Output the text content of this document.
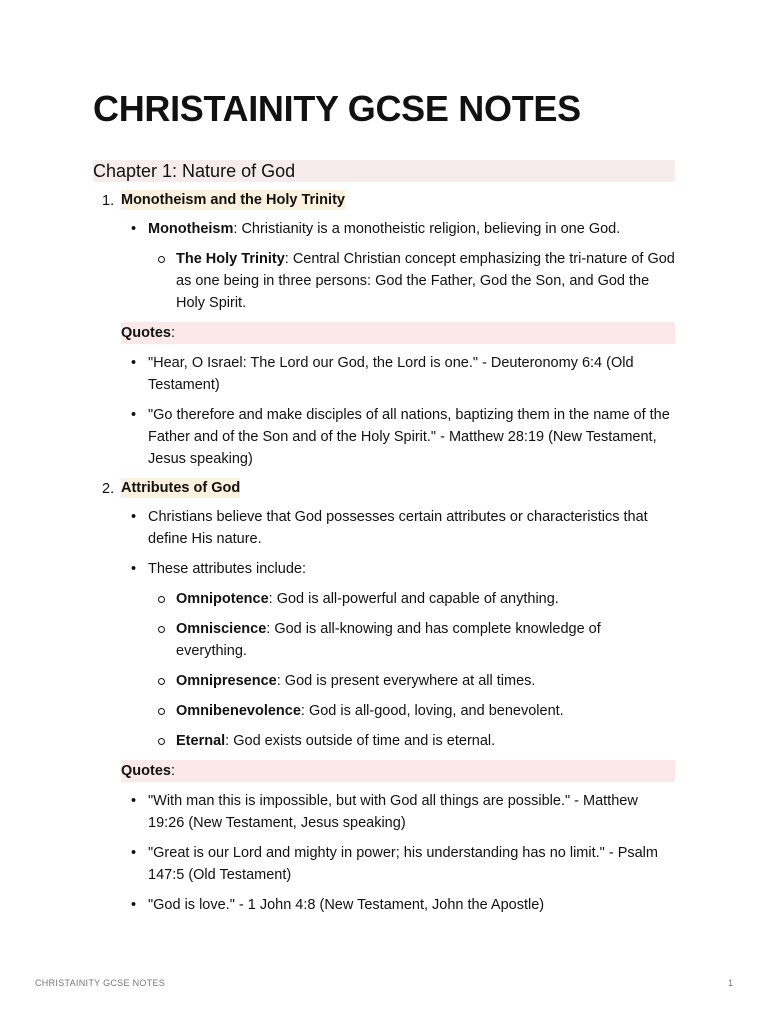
CHRISTAINITY GCSE NOTES
Chapter 1: Nature of God
1. Monotheism and the Holy Trinity
• Monotheism: Christianity is a monotheistic religion, believing in one God.
The Holy Trinity: Central Christian concept emphasizing the tri-nature of God as one being in three persons: God the Father, God the Son, and God the Holy Spirit.
Quotes:
• "Hear, O Israel: The Lord our God, the Lord is one." - Deuteronomy 6:4 (Old Testament)
• "Go therefore and make disciples of all nations, baptizing them in the name of the Father and of the Son and of the Holy Spirit." - Matthew 28:19 (New Testament, Jesus speaking)
2. Attributes of God
• Christians believe that God possesses certain attributes or characteristics that define His nature.
• These attributes include:
Omnipotence: God is all-powerful and capable of anything.
Omniscience: God is all-knowing and has complete knowledge of everything.
Omnipresence: God is present everywhere at all times.
Omnibenevolence: God is all-good, loving, and benevolent.
Eternal: God exists outside of time and is eternal.
Quotes:
• "With man this is impossible, but with God all things are possible." - Matthew 19:26 (New Testament, Jesus speaking)
• "Great is our Lord and mighty in power; his understanding has no limit." - Psalm 147:5 (Old Testament)
• "God is love." - 1 John 4:8 (New Testament, John the Apostle)
CHRISTAINITY GCSE NOTES	1
